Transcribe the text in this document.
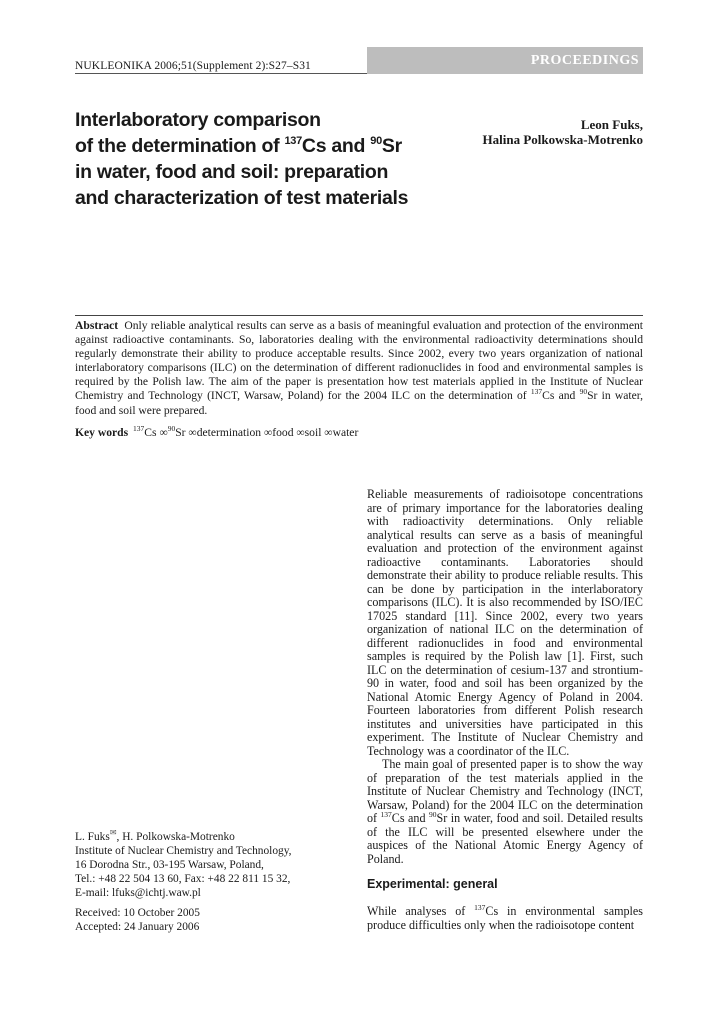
NUKLEONIKA 2006;51(Supplement 2):S27–S31	PROCEEDINGS
Interlaboratory comparison
of the determination of $^{137}$Cs and $^{90}$Sr
in water, food and soil: preparation
and characterization of test materials
Leon Fuks,
Halina Polkowska-Motrenko
Abstract Only reliable analytical results can serve as a basis of meaningful evaluation and protection of the environment against radioactive contaminants. So, laboratories dealing with the environmental radioactivity determinations should regularly demonstrate their ability to produce acceptable results. Since 2002, every two years organization of national interlaboratory comparisons (ILC) on the determination of different radionuclides in food and environmental samples is required by the Polish law. The aim of the paper is presentation how test materials applied in the Institute of Nuclear Chemistry and Technology (INCT, Warsaw, Poland) for the 2004 ILC on the determination of $^{137}$Cs and $^{90}$Sr in water, food and soil were prepared.
Key words $^{137}$Cs ∞$^{90}$Sr ∞determination ∞food ∞soil ∞water

Reliable measurements of radioisotope concentrations are of primary importance for the laboratories dealing with radioactivity determinations. Only reliable analytical results can serve as a basis of meaningful evaluation and protection of the environment against radioactive contaminants. Laboratories should demonstrate their ability to produce reliable results. This can be done by participation in the interlaboratory comparisons (ILC). It is also recommended by ISO/IEC 17025 standard [11]. Since 2002, every two years organization of national ILC on the determination of different radionuclides in food and environmental samples is required by the Polish law [1]. First, such ILC on the determination of cesium-137 and strontium-90 in water, food and soil has been organized by the National Atomic Energy Agency of Poland in 2004. Fourteen laboratories from different Polish research institutes and universities have participated in this experiment. The Institute of Nuclear Chemistry and Technology was a coordinator of the ILC.

The main goal of presented paper is to show the way of preparation of the test materials applied in the Institute of Nuclear Chemistry and Technology (INCT, Warsaw, Poland) for the 2004 ILC on the determination of $^{137}$Cs and $^{90}$Sr in water, food and soil. Detailed results of the ILC will be presented elsewhere under the auspices of the National Atomic Energy Agency of Poland.

Experimental: general
While analyses of $^{137}$Cs in environmental samples produce difficulties only when the radioisotope content
L. Fuks✉, H. Polkowska-Motrenko
Institute of Nuclear Chemistry and Technology,
16 Dorodna Str., 03-195 Warsaw, Poland,
Tel.: +48 22 504 13 60, Fax: +48 22 811 15 32,
E-mail: lfuks@ichtj.waw.pl
Received: 10 October 2005
Accepted: 24 January 2006
